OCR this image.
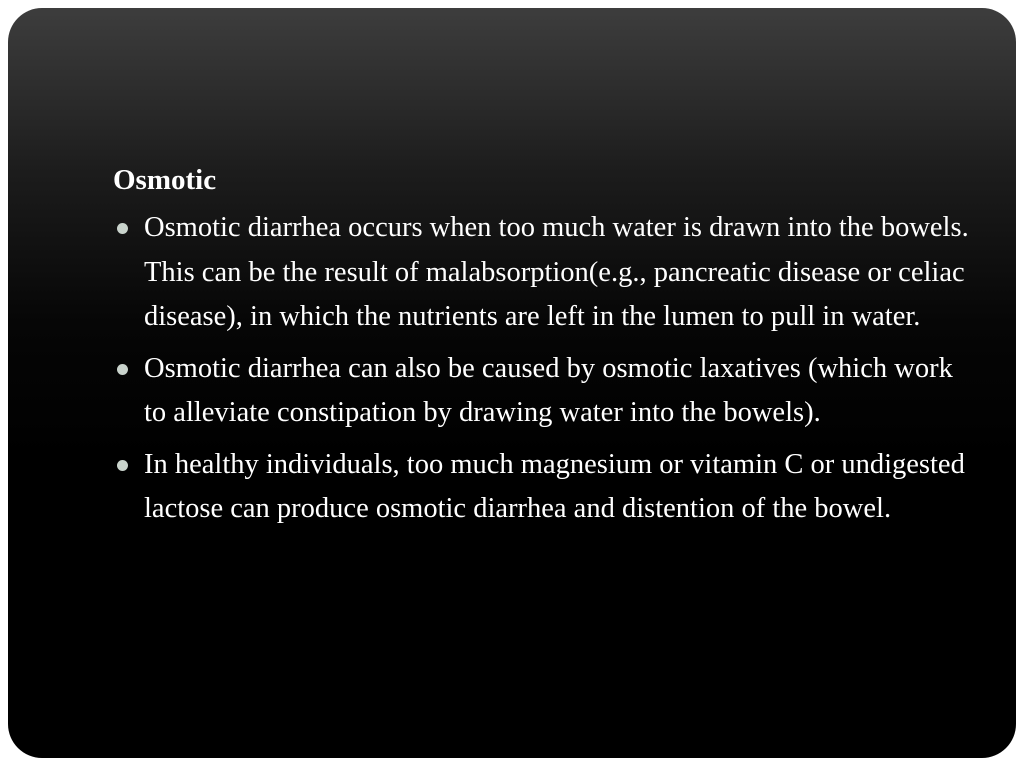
Osmotic
Osmotic diarrhea occurs when too much water is drawn into the bowels. This can be the result of malabsorption(e.g., pancreatic disease or celiac disease), in which the nutrients are left in the lumen to pull in water.
Osmotic diarrhea can also be caused by osmotic laxatives (which work to alleviate constipation by drawing water into the bowels).
In healthy individuals, too much magnesium or vitamin C or undigested lactose can produce osmotic diarrhea and distention of the bowel.
